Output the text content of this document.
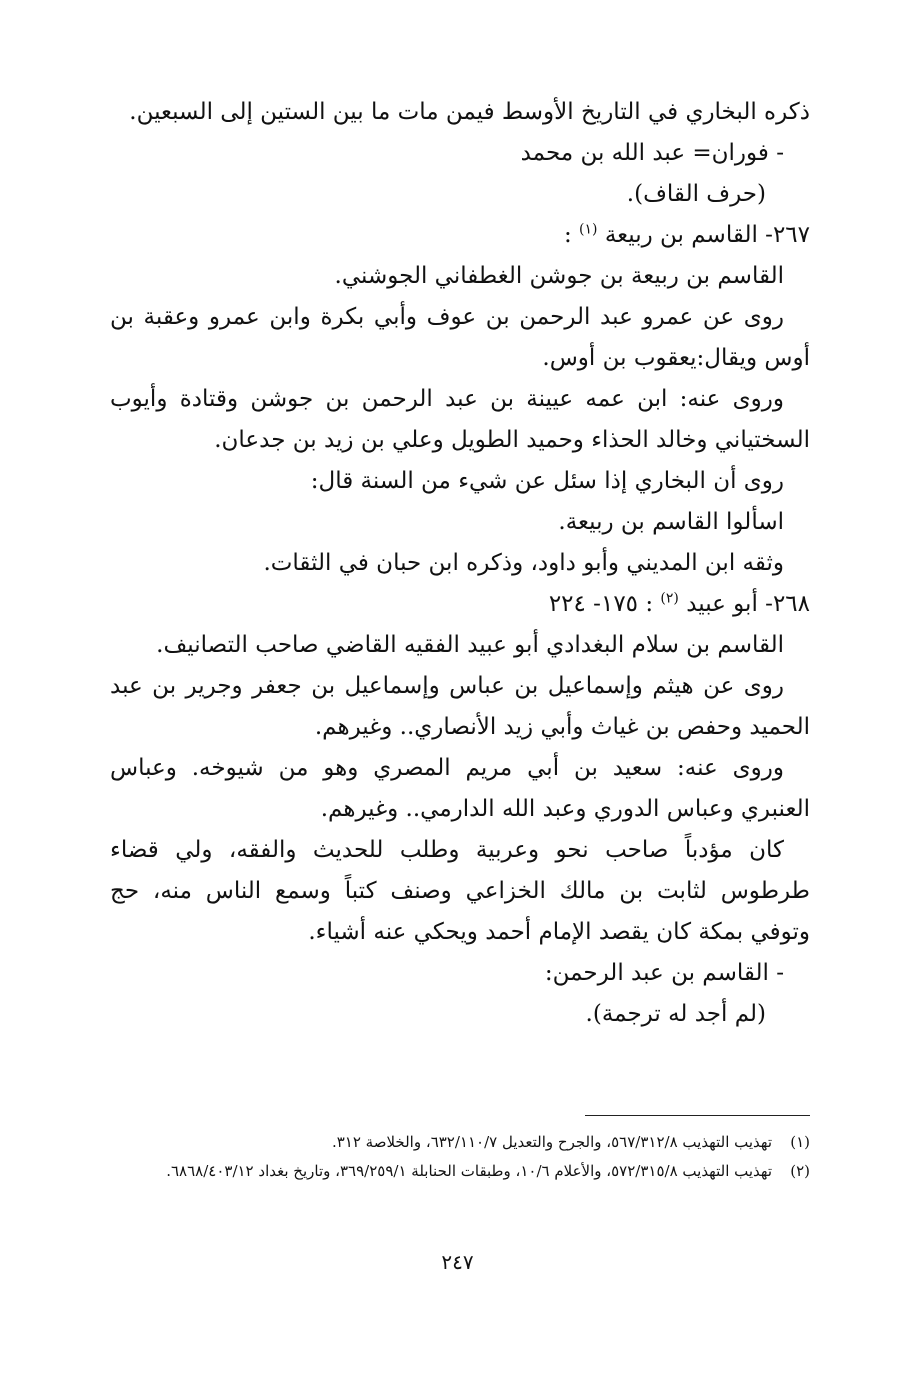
ذكره البخاري في التاريخ الأوسط فيمن مات ما بين الستين إلى السبعين.

- فوران= عبد الله بن محمد

(حرف القاف).

٢٦٧- القاسم بن ربيعة $^{(١)}$ :

القاسم بن ربيعة بن جوشن الغطفاني الجوشني.

روى عن عمرو عبد الرحمن بن عوف وأبي بكرة وابن عمرو وعقبة بن أوس ويقال:يعقوب بن أوس.

وروى عنه: ابن عمه عيينة بن عبد الرحمن بن جوشن وقتادة وأيوب السختياني وخالد الحذاء وحميد الطويل وعلي بن زيد بن جدعان.

روى أن البخاري إذا سئل عن شيء من السنة قال:

اسألوا القاسم بن ربيعة.

وثقه ابن المديني وأبو داود، وذكره ابن حبان في الثقات.

٢٦٨- أبو عبيد $^{(٢)}$ : ١٧٥- ٢٢٤

القاسم بن سلام البغدادي أبو عبيد الفقيه القاضي صاحب التصانيف.

روى عن هيثم وإسماعيل بن عباس وإسماعيل بن جعفر وجرير بن عبد الحميد وحفص بن غياث وأبي زيد الأنصاري.. وغيرهم.

وروى عنه: سعيد بن أبي مريم المصري وهو من شيوخه. وعباس العنبري وعباس الدوري وعبد الله الدارمي.. وغيرهم.

كان مؤدباً صاحب نحو وعربية وطلب للحديث والفقه، ولي قضاء طرطوس لثابت بن مالك الخزاعي وصنف كتباً وسمع الناس منه، حج وتوفي بمكة كان يقصد الإمام أحمد ويحكي عنه أشياء.

- القاسم بن عبد الرحمن:

(لم أجد له ترجمة).

(١)
تهذيب التهذيب ٥٦٧/٣١٢/٨، والجرح والتعديل ٦٣٢/١١٠/٧، والخلاصة ٣١٢.

(٢)
تهذيب التهذيب ٥٧٢/٣١٥/٨، والأعلام ١٠/٦، وطبقات الحنابلة ٣٦٩/٢٥٩/١، وتاريخ بغداد ٦٨٦٨/٤٠٣/١٢.

٢٤٧
